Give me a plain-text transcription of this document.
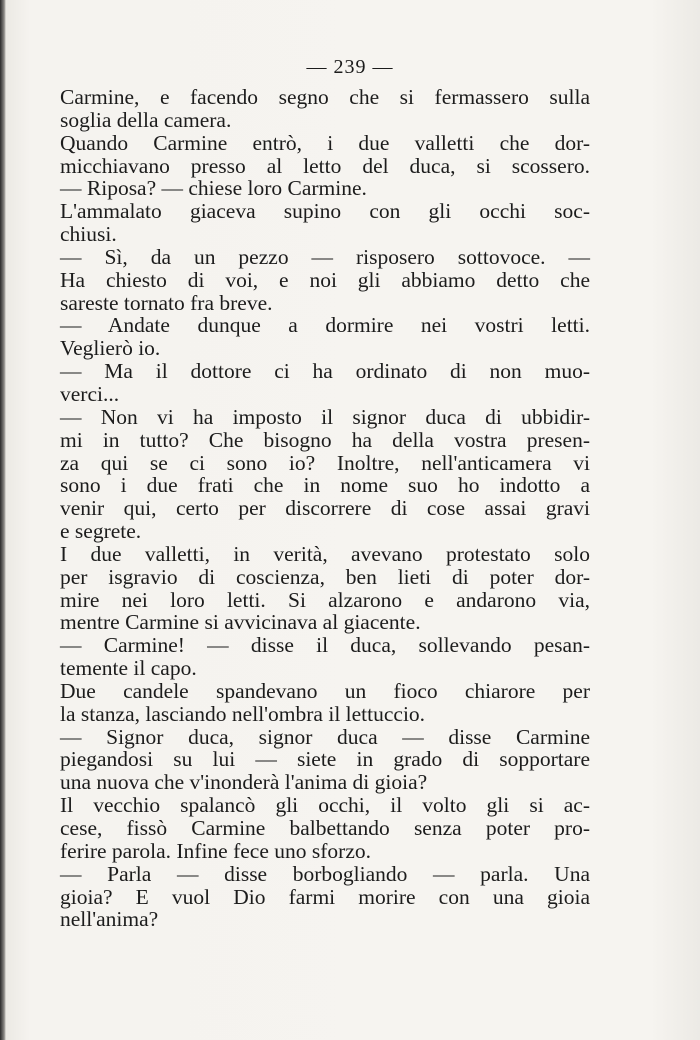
— 239 —
Carmine, e facendo segno che si fermassero sulla
soglia della camera.
Quando Carmine entrò, i due valletti che dor-
micchiavano presso al letto del duca, si scossero.
— Riposa? — chiese loro Carmine.
L'ammalato giaceva supino con gli occhi soc-
chiusi.
— Sì, da un pezzo — risposero sottovoce. —
Ha chiesto di voi, e noi gli abbiamo detto che
sareste tornato fra breve.
— Andate dunque a dormire nei vostri letti.
Veglierò io.
— Ma il dottore ci ha ordinato di non muo-
verci...
— Non vi ha imposto il signor duca di ubbidir-
mi in tutto? Che bisogno ha della vostra presen-
za qui se ci sono io? Inoltre, nell'anticamera vi
sono i due frati che in nome suo ho indotto a
venir qui, certo per discorrere di cose assai gravi
e segrete.
I due valletti, in verità, avevano protestato solo
per isgravio di coscienza, ben lieti di poter dor-
mire nei loro letti. Si alzarono e andarono via,
mentre Carmine si avvicinava al giacente.
— Carmine! — disse il duca, sollevando pesan-
temente il capo.
Due candele spandevano un fioco chiarore per
la stanza, lasciando nell'ombra il lettuccio.
— Signor duca, signor duca — disse Carmine
piegandosi su lui — siete in grado di sopportare
una nuova che v'inonderà l'anima di gioia?
Il vecchio spalancò gli occhi, il volto gli si ac-
cese, fissò Carmine balbettando senza poter pro-
ferire parola. Infine fece uno sforzo.
— Parla — disse borbogliando — parla. Una
gioia? E vuol Dio farmi morire con una gioia
nell'anima?
